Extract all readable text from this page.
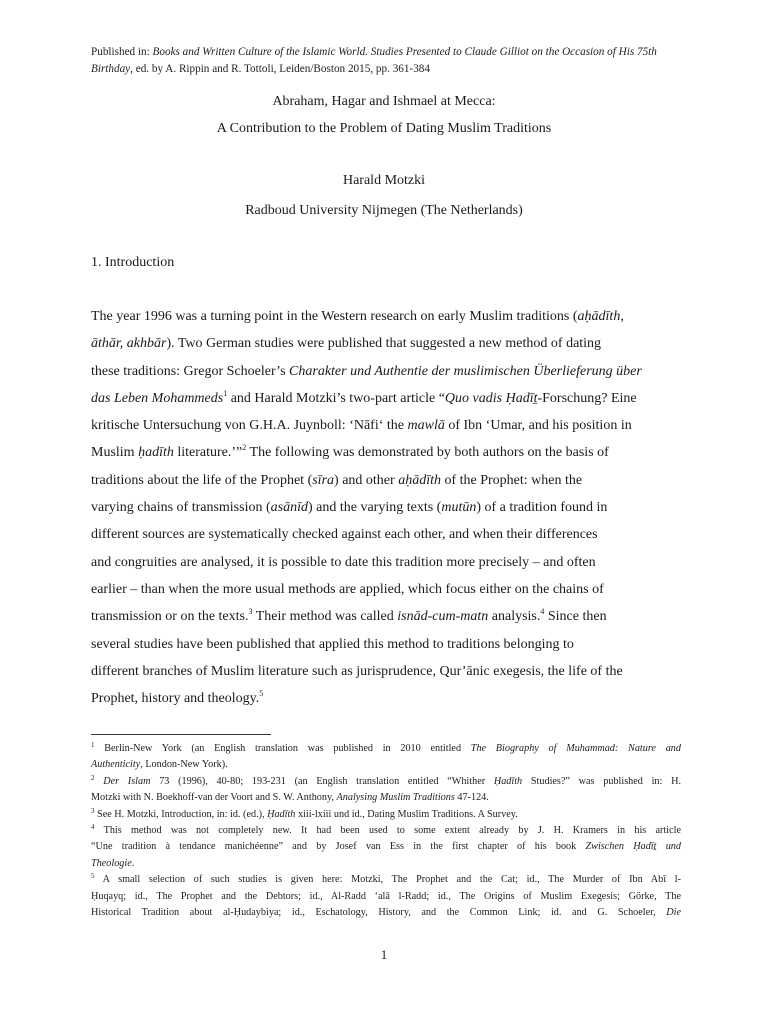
Published in: Books and Written Culture of the Islamic World. Studies Presented to Claude Gilliot on the Occasion of His 75th Birthday, ed. by A. Rippin and R. Tottoli, Leiden/Boston 2015, pp. 361-384
Abraham, Hagar and Ishmael at Mecca:
A Contribution to the Problem of Dating Muslim Traditions
Harald Motzki
Radboud University Nijmegen (The Netherlands)
1. Introduction
The year 1996 was a turning point in the Western research on early Muslim traditions (aḥādīth,
āthār, akhbār). Two German studies were published that suggested a new method of dating
these traditions: Gregor Schoeler’s Charakter und Authentie der muslimischen Überlieferung über
das Leben Mohammeds$^1$ and Harald Motzki’s two-part article “Quo vadis Ḥadīṯ-Forschung? Eine
kritische Untersuchung von G.H.A. Juynboll: ‘Nāfi‘ the mawlā of Ibn ‘Umar, and his position in
Muslim ḥadīth literature.’”$^2$ The following was demonstrated by both authors on the basis of
traditions about the life of the Prophet (sīra) and other aḥādīth of the Prophet: when the
varying chains of transmission (asānīd) and the varying texts (mutūn) of a tradition found in
different sources are systematically checked against each other, and when their differences
and congruities are analysed, it is possible to date this tradition more precisely – and often
earlier – than when the more usual methods are applied, which focus either on the chains of
transmission or on the texts.$^3$ Their method was called isnād-cum-matn analysis.$^4$ Since then
several studies have been published that applied this method to traditions belonging to
different branches of Muslim literature such as jurisprudence, Qur’ānic exegesis, the life of the
Prophet, history and theology.$^5$
$^1$ Berlin-New York (an English translation was published in 2010 entitled The Biography of Muhammad: Nature and
Authenticity, London-New York).
$^2$ Der Islam 73 (1996), 40-80; 193-231 (an English translation entitled “Whither Ḥadīth Studies?” was published in: H.
Motzki with N. Boekhoff-van der Voort and S. W. Anthony, Analysing Muslim Traditions 47-124.
$^3$ See H. Motzki, Introduction, in: id. (ed.), Ḥadīth xiii-lxiii und id., Dating Muslim Traditions. A Survey.
$^4$ This method was not completely new. It had been used to some extent already by J. H. Kramers in his article
“Une tradition à tendance manichéenne” and by Josef van Ess in the first chapter of his book Zwischen Ḥadīṯ und
Theologie.
$^5$ A small selection of such studies is given here: Motzki, The Prophet and the Cat; id., The Murder of Ibn Abī l-
Ḥuqayq; id., The Prophet and the Debtors; id., Al-Radd ‘alā l-Radd; id., The Origins of Muslim Exegesis; Görke, The
Historical Tradition about al-Ḥudaybiya; id., Eschatology, History, and the Common Link; id. and G. Schoeler, Die
1
